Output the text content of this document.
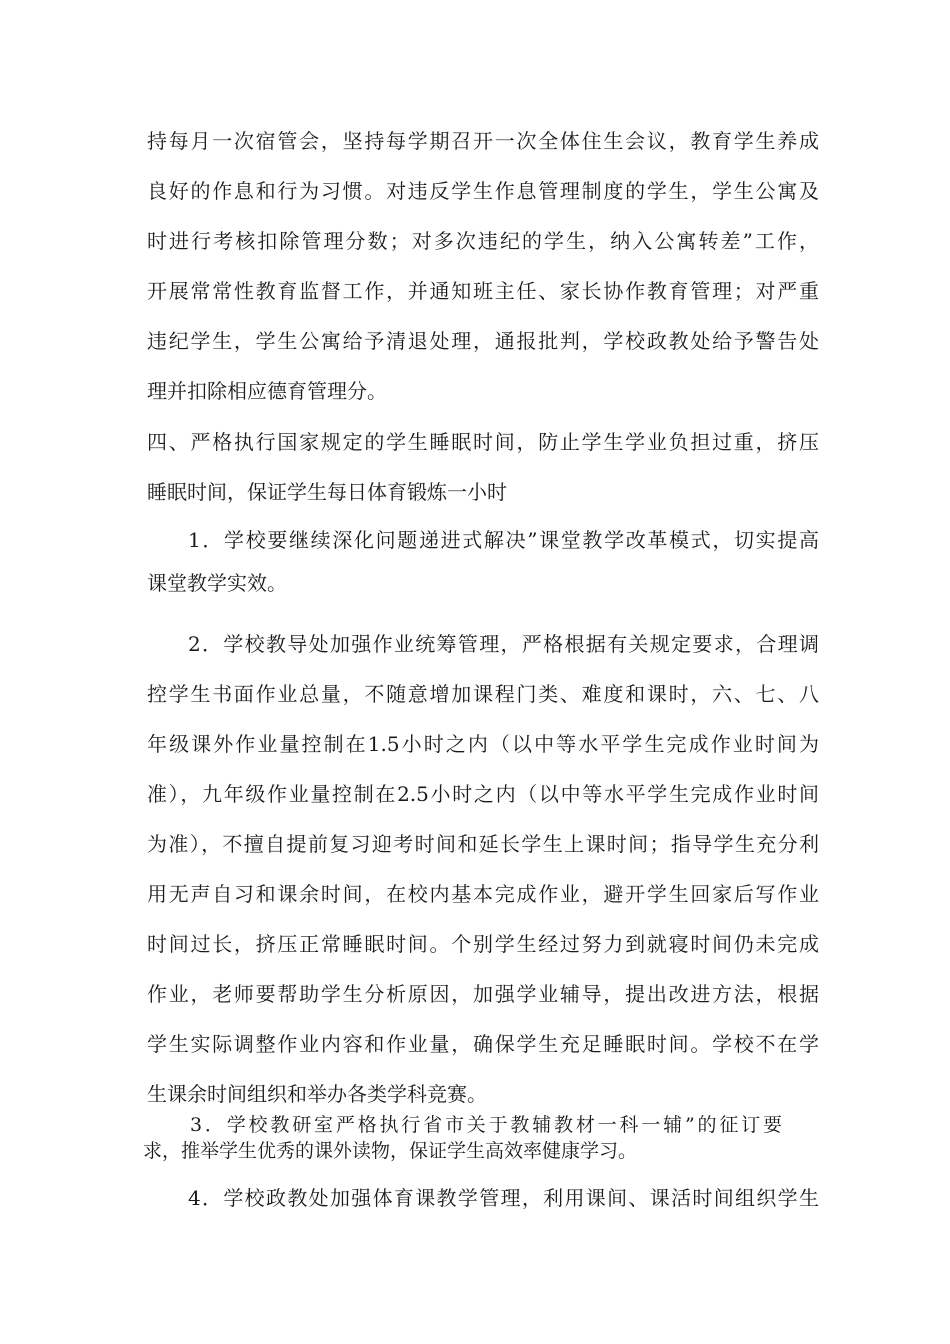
持每月一次宿管会，坚持每学期召开一次全体住生会议，教育学生养成
良好的作息和行为习惯。对违反学生作息管理制度的学生，学生公寓及
时进行考核扣除管理分数；对多次违纪的学生，纳入公寓转差”工作，
开展常常性教育监督工作，并通知班主任、家长协作教育管理；对严重
违纪学生，学生公寓给予清退处理，通报批判，学校政教处给予警告处
理并扣除相应德育管理分。
四、严格执行国家规定的学生睡眠时间，防止学生学业负担过重，挤压
睡眠时间，保证学生每日体育锻炼一小时
1．学校要继续深化问题递进式解决”课堂教学改革模式，切实提高
课堂教学实效。
2．学校教导处加强作业统筹管理，严格根据有关规定要求，合理调
控学生书面作业总量，不随意增加课程门类、难度和课时，六、七、八
年级课外作业量控制在1.5小时之内（以中等水平学生完成作业时间为
准），九年级作业量控制在2.5小时之内（以中等水平学生完成作业时间
为准），不擅自提前复习迎考时间和延长学生上课时间；指导学生充分利
用无声自习和课余时间，在校内基本完成作业，避开学生回家后写作业
时间过长，挤压正常睡眠时间。个别学生经过努力到就寝时间仍未完成
作业，老师要帮助学生分析原因，加强学业辅导，提出改进方法，根据
学生实际调整作业内容和作业量，确保学生充足睡眠时间。学校不在学
生课余时间组织和举办各类学科竞赛。
3．学校教研室严格执行省市关于教辅教材一科一辅”的征订要
求，推举学生优秀的课外读物，保证学生高效率健康学习。
4．学校政教处加强体育课教学管理，利用课间、课活时间组织学生
